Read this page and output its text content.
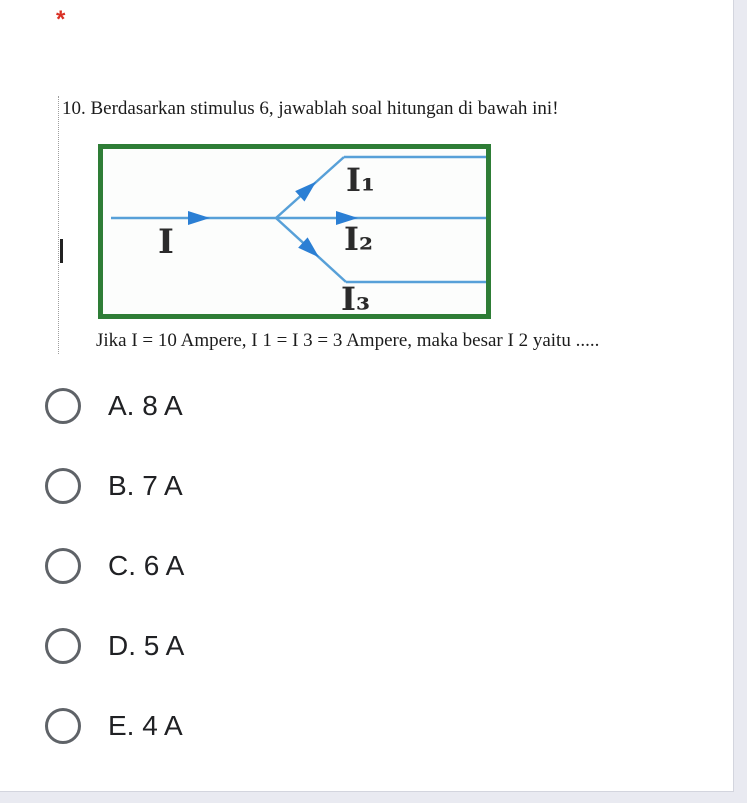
*
10. Berdasarkan stimulus 6, jawablah soal hitungan di bawah ini!
I
I₁
I₂
I₃
Jika I = 10 Ampere, I 1 = I 3 = 3 Ampere, maka besar I 2 yaitu .....
A. 8 A
B. 7 A
C. 6 A
D. 5 A
E. 4 A
